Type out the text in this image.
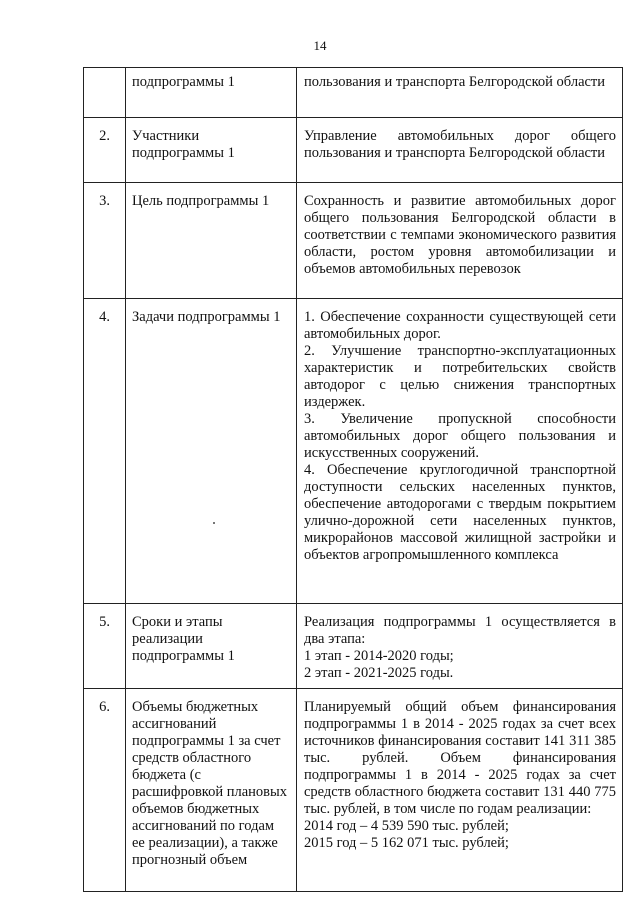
14
	подпрограммы 1	пользования и транспорта Белгородской области

2.	Участники подпрограммы 1	Управление автомобильных дорог общего пользования и транспорта Белгородской области

3.	Цель подпрограммы 1	Сохранность и развитие автомобильных дорог общего пользования Белгородской области в соответствии с темпами экономического развития области, ростом уровня автомобилизации и объемов автомобильных перевозок

4.	Задачи подпрограммы 1	1. Обеспечение сохранности существующей сети автомобильных дорог.

2. Улучшение транспортно-эксплуатационных характеристик и потребительских свойств автодорог с целью снижения транспортных издержек.

3. Увеличение пропускной способности автомобильных дорог общего пользования и искусственных сооружений.

4. Обеспечение круглогодичной транспортной доступности сельских населенных пунктов, обеспечение автодорогами с твердым покрытием улично-дорожной сети населенных пунктов, микрорайонов массовой жилищной застройки и объектов агропромышленного комплекса

5.	Сроки и этапы реализации подпрограммы 1	Реализация подпрограммы 1 осуществляется в два этапа:

1 этап - 2014-2020 годы;

2 этап - 2021-2025 годы.

6.	Объемы бюджетных ассигнований подпрограммы 1 за счет средств областного бюджета (с расшифровкой плановых объемов бюджетных ассигнований по годам ее реализации), а также прогнозный объем	Планируемый общий объем финансирования подпрограммы 1 в 2014 - 2025 годах за счет всех источников финансирования составит 141 311 385 тыс. рублей. Объем финансирования подпрограммы 1 в 2014 - 2025 годах за счет средств областного бюджета составит 131 440 775 тыс. рублей, в том числе по годам реализации:

2014 год – 4 539 590 тыс. рублей;

2015 год – 5 162 071 тыс. рублей;
